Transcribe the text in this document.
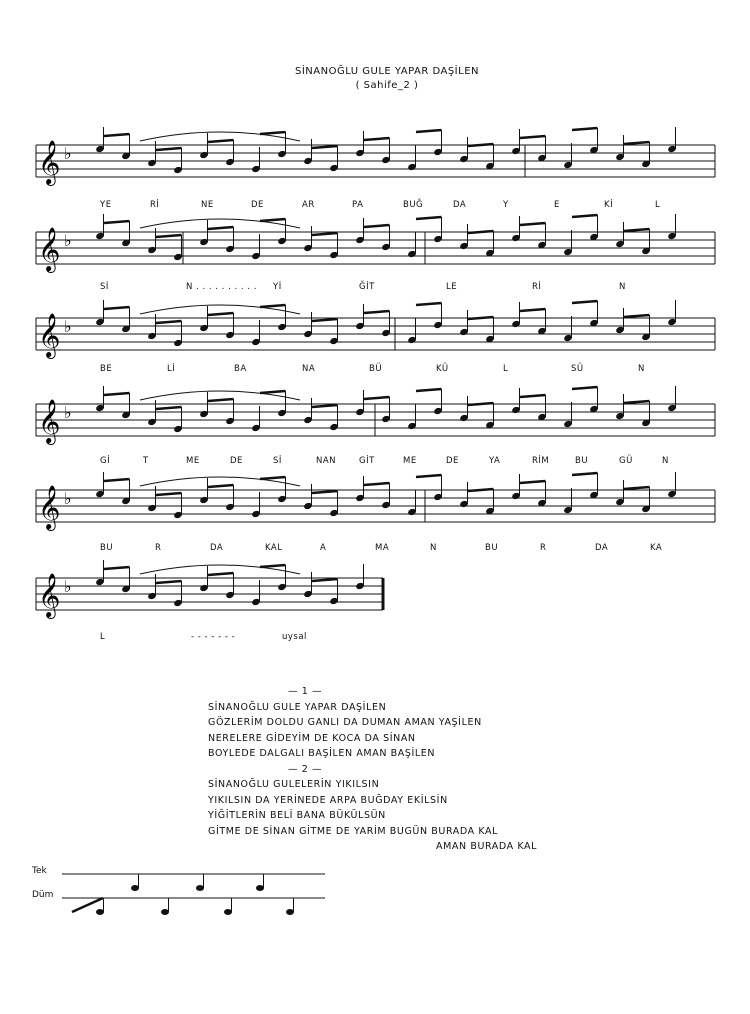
SİNANOĞLU GULE YAPAR DAŞİLEN
( Sahife_2 )
𝄞 ♭
𝄞 ♭
𝄞 ♭
𝄞 ♭
𝄞 ♭
𝄞 ♭
YE	Rİ	NE	DE	AR	PA	BUĞ	DA	Y	E	Kİ	L
Sİ	N . . . . . . . . . . Yİ	ĞİT	LE	Rİ	N
BE	Lİ	BA	NA	BÜ	KÜ	L	SÜ	N
Gİ	T	ME	DE	Sİ	NAN	GİT	ME	DE	YA	RİM	BU	GÜ	N
BU	R	DA	KAL	A	MA	N	BU	R	DA	KA
L	- - - - - - -	uysal
— 1 —
SİNANOĞLU GULE YAPAR DAŞİLEN
GÖZLERİM DOLDU GANLI DA DUMAN AMAN YAŞİLEN
NERELERE GİDEYİM DE KOCA DA SİNAN
BOYLEDE DALGALI BAŞİLEN AMAN BAŞİLEN
— 2 —
SİNANOĞLU GULELERİN YIKILSIN
YIKILSIN DA YERİNEDE ARPA BUĞDAY EKİLSİN
YİĞİTLERİN BELİ BANA BÜKÜLSÜN
GİTME DE SİNAN GİTME DE YARİM BUGÜN BURADA KAL
AMAN BURADA KAL
Tek
Düm
